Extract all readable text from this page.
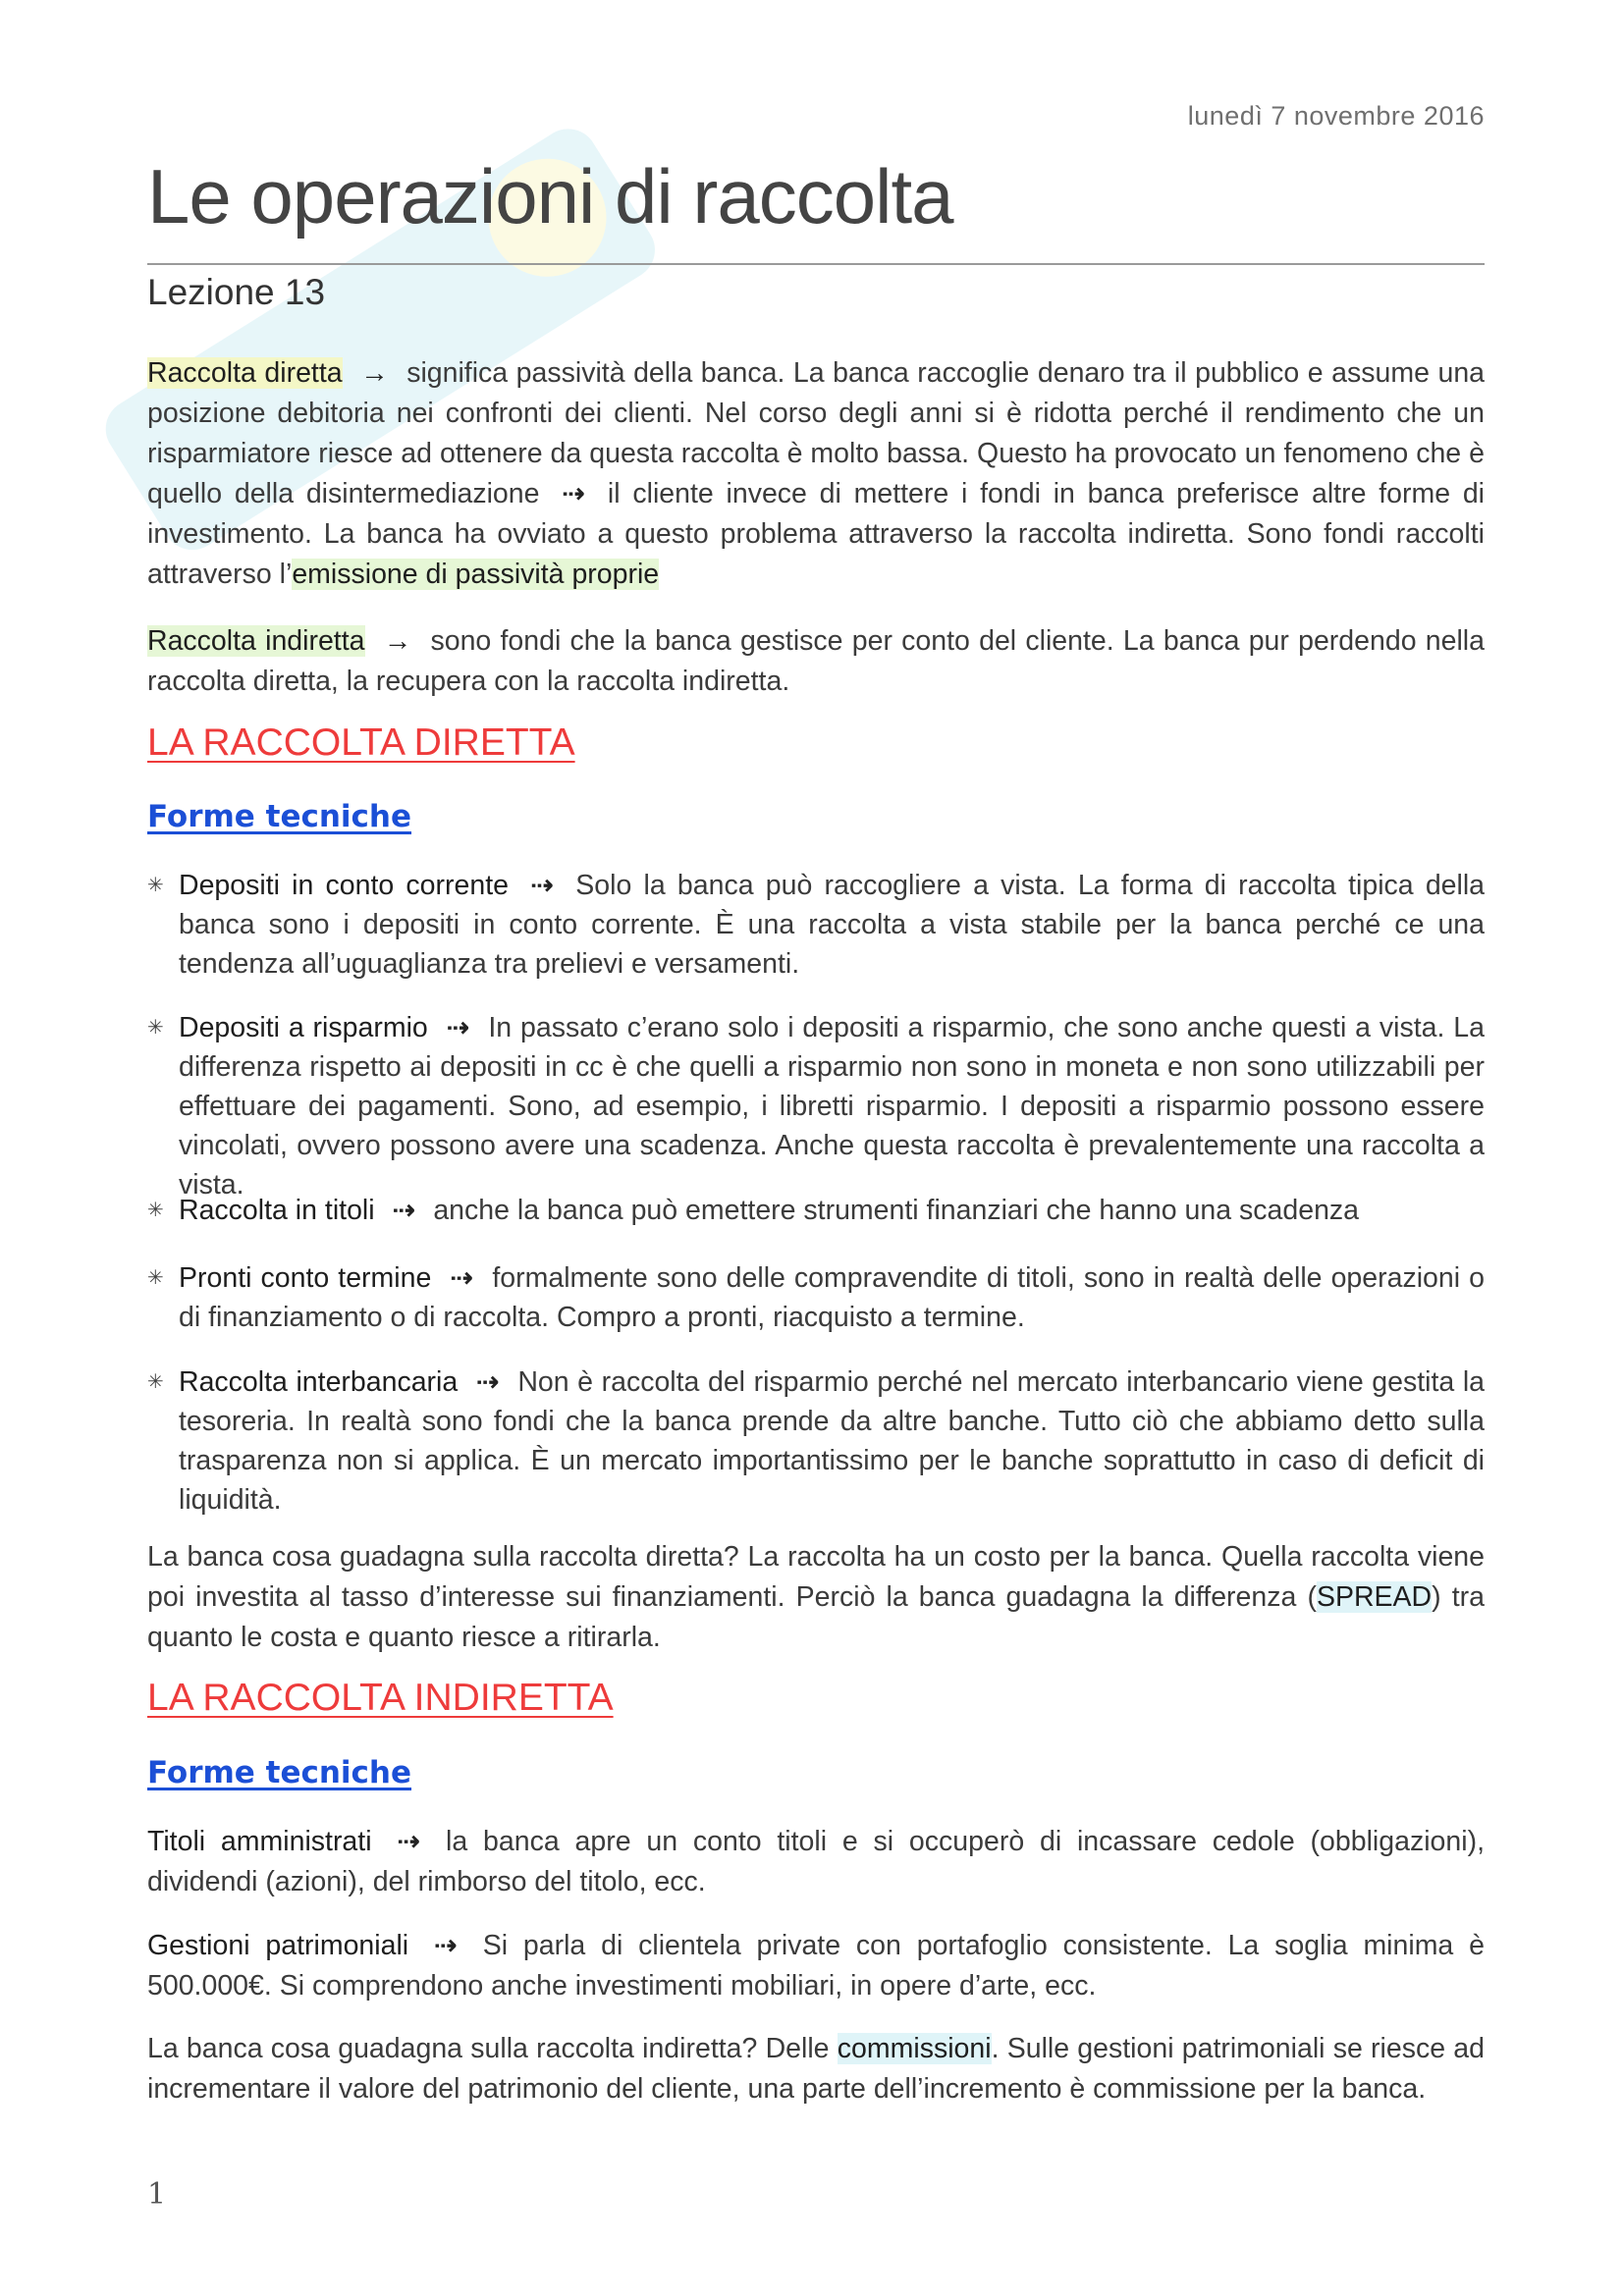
lunedì 7 novembre 2016
Le operazioni di raccolta
Lezione 13

Raccolta diretta → significa passività della banca. La banca raccoglie denaro tra il pubblico e assume una posizione debitoria nei confronti dei clienti. Nel corso degli anni si è ridotta perché il rendimento che un risparmiatore riesce ad ottenere da questa raccolta è molto bassa. Questo ha provocato un fenomeno che è quello della disintermediazione ⇢ il cliente invece di mettere i fondi in banca preferisce altre forme di investimento. La banca ha ovviato a questo problema attraverso la raccolta indiretta. Sono fondi raccolti attraverso l’emissione di passività proprie

Raccolta indiretta → sono fondi che la banca gestisce per conto del cliente. La banca pur perdendo nella raccolta diretta, la recupera con la raccolta indiretta.

LA RACCOLTA DIRETTA
Forme tecniche
✳ Depositi in conto corrente ⇢ Solo la banca può raccogliere a vista. La forma di raccolta tipica della banca sono i depositi in conto corrente. È una raccolta a vista stabile per la banca perché ce una tendenza all’uguaglianza tra prelievi e versamenti.
✳ Depositi a risparmio ⇢ In passato c’erano solo i depositi a risparmio, che sono anche questi a vista. La differenza rispetto ai depositi in cc è che quelli a risparmio non sono in moneta e non sono utilizzabili per effettuare dei pagamenti. Sono, ad esempio, i libretti risparmio. I depositi a risparmio possono essere vincolati, ovvero possono avere una scadenza. Anche questa raccolta è prevalentemente una raccolta a vista.
✳ Raccolta in titoli ⇢ anche la banca può emettere strumenti finanziari che hanno una scadenza
✳ Pronti conto termine ⇢ formalmente sono delle compravendite di titoli, sono in realtà delle operazioni o di finanziamento o di raccolta. Compro a pronti, riacquisto a termine.
✳ Raccolta interbancaria ⇢ Non è raccolta del risparmio perché nel mercato interbancario viene gestita la tesoreria. In realtà sono fondi che la banca prende da altre banche. Tutto ciò che abbiamo detto sulla trasparenza non si applica. È un mercato importantissimo per le banche soprattutto in caso di deficit di liquidità.

La banca cosa guadagna sulla raccolta diretta? La raccolta ha un costo per la banca. Quella raccolta viene poi investita al tasso d’interesse sui finanziamenti. Perciò la banca guadagna la differenza (SPREAD) tra quanto le costa e quanto riesce a ritirarla.

LA RACCOLTA INDIRETTA
Forme tecniche

Titoli amministrati ⇢ la banca apre un conto titoli e si occuperò di incassare cedole (obbligazioni), dividendi (azioni), del rimborso del titolo, ecc.

Gestioni patrimoniali ⇢ Si parla di clientela private con portafoglio consistente. La soglia minima è 500.000€. Si comprendono anche investimenti mobiliari, in opere d’arte, ecc.

La banca cosa guadagna sulla raccolta indiretta? Delle commissioni. Sulle gestioni patrimoniali se riesce ad incrementare il valore del patrimonio del cliente, una parte dell’incremento è commissione per la banca.

1
